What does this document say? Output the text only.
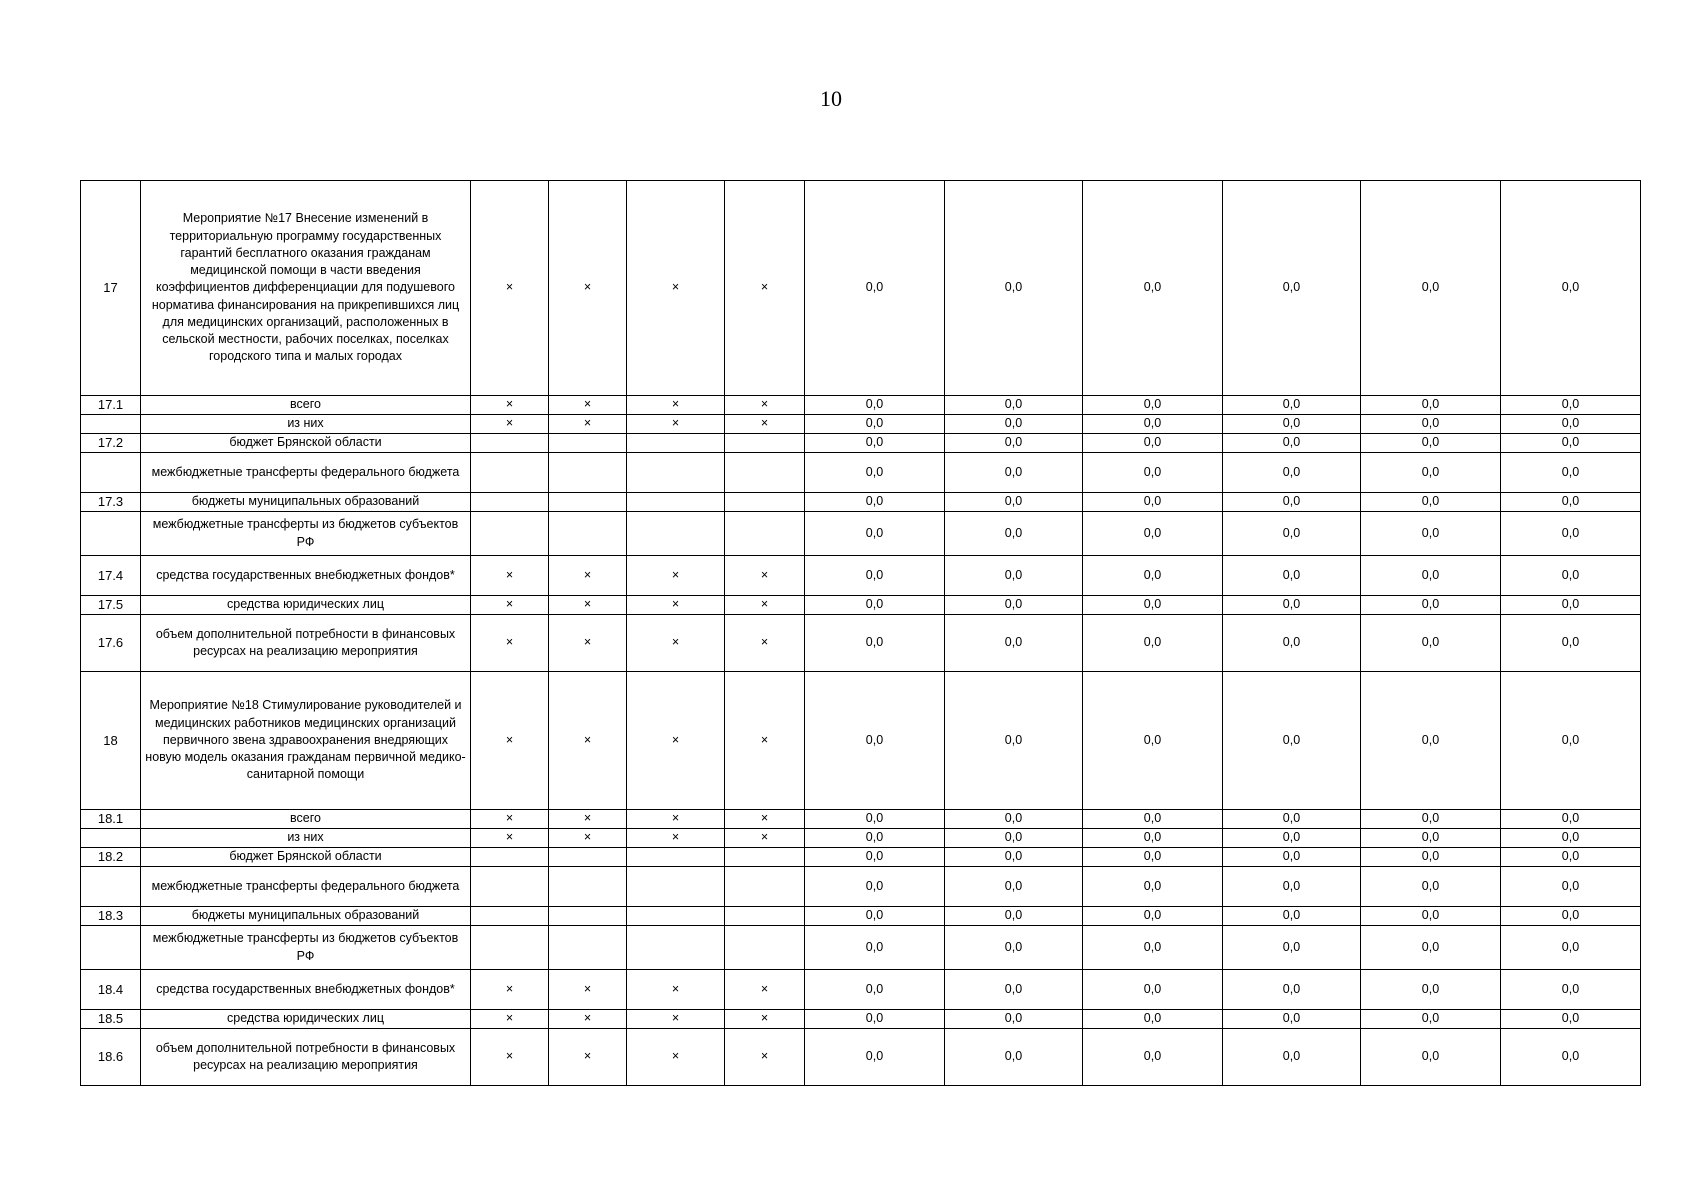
10
17	Мероприятие №17 Внесение изменений в территориальную программу государственных гарантий бесплатного оказания гражданам медицинской помощи в части введения коэффициентов дифференциации для подушевого норматива финансирования на прикрепившихся лиц для медицинских организаций, расположенных в сельской местности, рабочих поселках, поселках городского типа и малых городах	×	×	×	×	0,0	0,0	0,0	0,0	0,0	0,0
17.1	всего	×	×	×	×	0,0	0,0	0,0	0,0	0,0	0,0
	из них	×	×	×	×	0,0	0,0	0,0	0,0	0,0	0,0
17.2	бюджет Брянской области					0,0	0,0	0,0	0,0	0,0	0,0
	межбюджетные трансферты федерального бюджета					0,0	0,0	0,0	0,0	0,0	0,0
17.3	бюджеты муниципальных образований					0,0	0,0	0,0	0,0	0,0	0,0
	межбюджетные трансферты из бюджетов субъектов РФ					0,0	0,0	0,0	0,0	0,0	0,0
17.4	средства государственных внебюджетных фондов*	×	×	×	×	0,0	0,0	0,0	0,0	0,0	0,0
17.5	средства юридических лиц	×	×	×	×	0,0	0,0	0,0	0,0	0,0	0,0
17.6	объем дополнительной потребности в финансовых ресурсах на реализацию мероприятия	×	×	×	×	0,0	0,0	0,0	0,0	0,0	0,0
18	Мероприятие №18 Стимулирование руководителей и медицинских работников медицинских организаций первичного звена здравоохранения внедряющих новую модель оказания гражданам первичной медико-санитарной помощи	×	×	×	×	0,0	0,0	0,0	0,0	0,0	0,0
18.1	всего	×	×	×	×	0,0	0,0	0,0	0,0	0,0	0,0
	из них	×	×	×	×	0,0	0,0	0,0	0,0	0,0	0,0
18.2	бюджет Брянской области					0,0	0,0	0,0	0,0	0,0	0,0
	межбюджетные трансферты федерального бюджета					0,0	0,0	0,0	0,0	0,0	0,0
18.3	бюджеты муниципальных образований					0,0	0,0	0,0	0,0	0,0	0,0
	межбюджетные трансферты из бюджетов субъектов РФ					0,0	0,0	0,0	0,0	0,0	0,0
18.4	средства государственных внебюджетных фондов*	×	×	×	×	0,0	0,0	0,0	0,0	0,0	0,0
18.5	средства юридических лиц	×	×	×	×	0,0	0,0	0,0	0,0	0,0	0,0
18.6	объем дополнительной потребности в финансовых ресурсах на реализацию мероприятия	×	×	×	×	0,0	0,0	0,0	0,0	0,0	0,0
